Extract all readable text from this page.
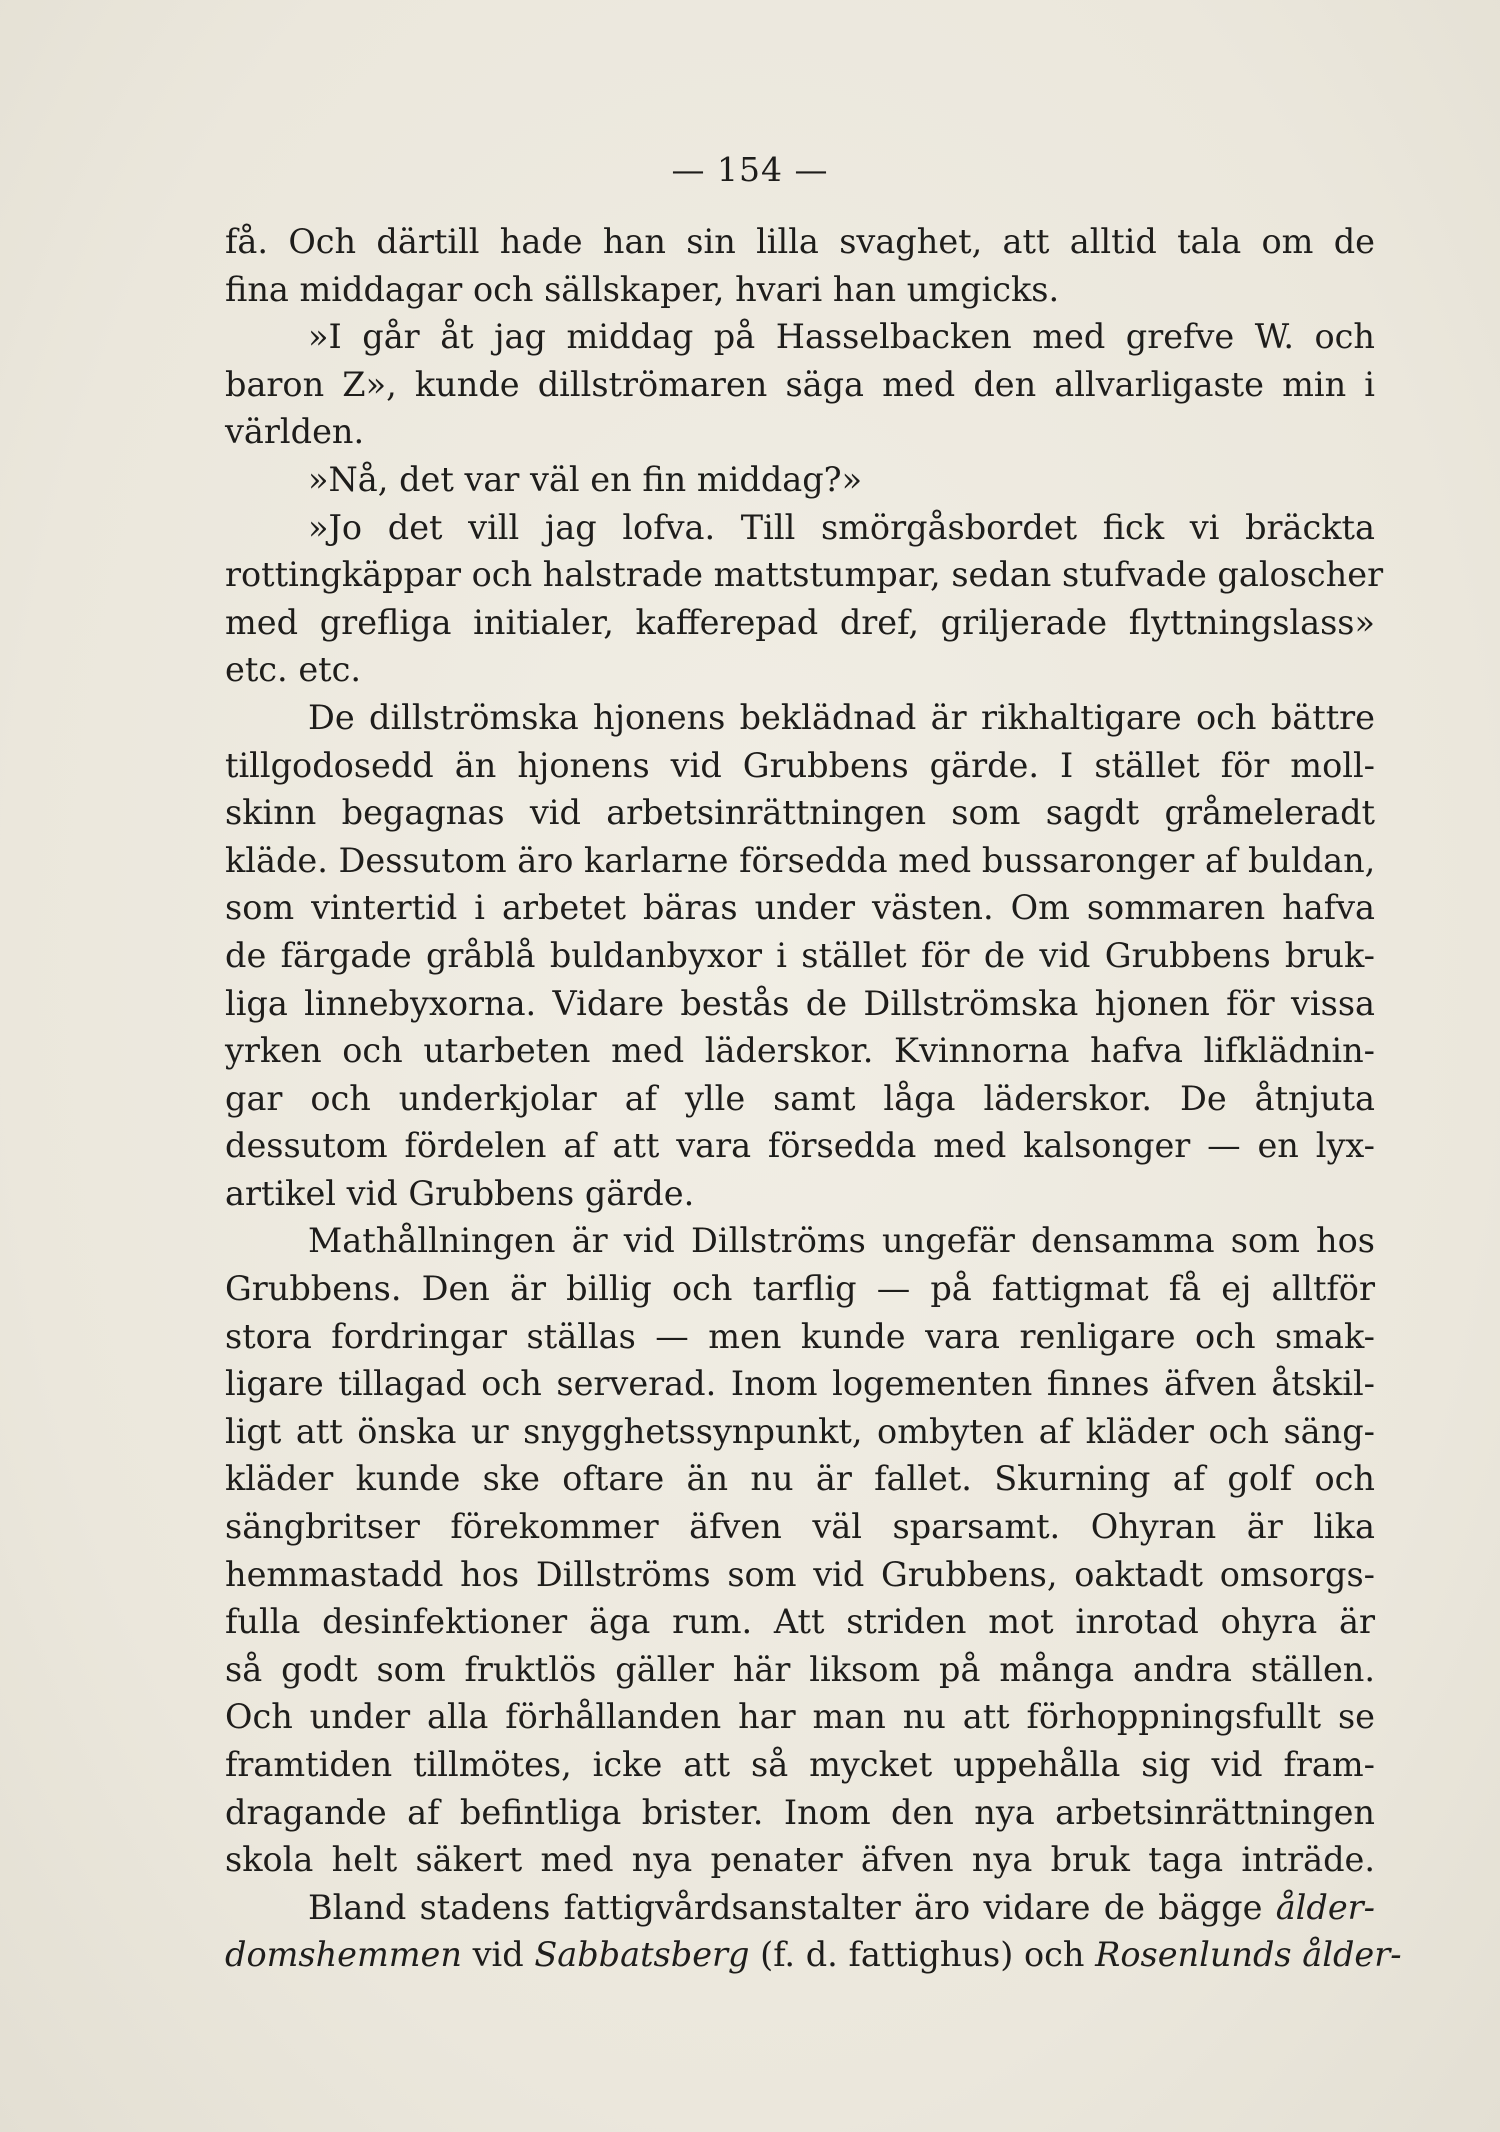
— 154 —
få. Och därtill hade han sin lilla svaghet, att alltid tala om de
fina middagar och sällskaper, hvari han umgicks.
»I går åt jag middag på Hasselbacken med grefve W. och
baron Z», kunde dillströmaren säga med den allvarligaste min i
världen.
»Nå, det var väl en fin middag?»
»Jo det vill jag lofva. Till smörgåsbordet fick vi bräckta
rottingkäppar och halstrade mattstumpar, sedan stufvade galoscher
med grefliga initialer, kafferepad dref, griljerade flyttningslass»
etc. etc.
De dillströmska hjonens beklädnad är rikhaltigare och bättre
tillgodosedd än hjonens vid Grubbens gärde. I stället för moll-
skinn begagnas vid arbetsinrättningen som sagdt gråmeleradt
kläde. Dessutom äro karlarne försedda med bussaronger af buldan,
som vintertid i arbetet bäras under västen. Om sommaren hafva
de färgade gråblå buldanbyxor i stället för de vid Grubbens bruk-
liga linnebyxorna. Vidare bestås de Dillströmska hjonen för vissa
yrken och utarbeten med läderskor. Kvinnorna hafva lifklädnin-
gar och underkjolar af ylle samt låga läderskor. De åtnjuta
dessutom fördelen af att vara försedda med kalsonger — en lyx-
artikel vid Grubbens gärde.
Mathållningen är vid Dillströms ungefär densamma som hos
Grubbens. Den är billig och tarflig — på fattigmat få ej alltför
stora fordringar ställas — men kunde vara renligare och smak-
ligare tillagad och serverad. Inom logementen finnes äfven åtskil-
ligt att önska ur snygghetssynpunkt, ombyten af kläder och säng-
kläder kunde ske oftare än nu är fallet. Skurning af golf och
sängbritser förekommer äfven väl sparsamt. Ohyran är lika
hemmastadd hos Dillströms som vid Grubbens, oaktadt omsorgs-
fulla desinfektioner äga rum. Att striden mot inrotad ohyra är
så godt som fruktlös gäller här liksom på många andra ställen.
Och under alla förhållanden har man nu att förhoppningsfullt se
framtiden tillmötes, icke att så mycket uppehålla sig vid fram-
dragande af befintliga brister. Inom den nya arbetsinrättningen
skola helt säkert med nya penater äfven nya bruk taga inträde.
Bland stadens fattigvårdsanstalter äro vidare de bägge ålder-
domshemmen vid Sabbatsberg (f. d. fattighus) och Rosenlunds ålder-
